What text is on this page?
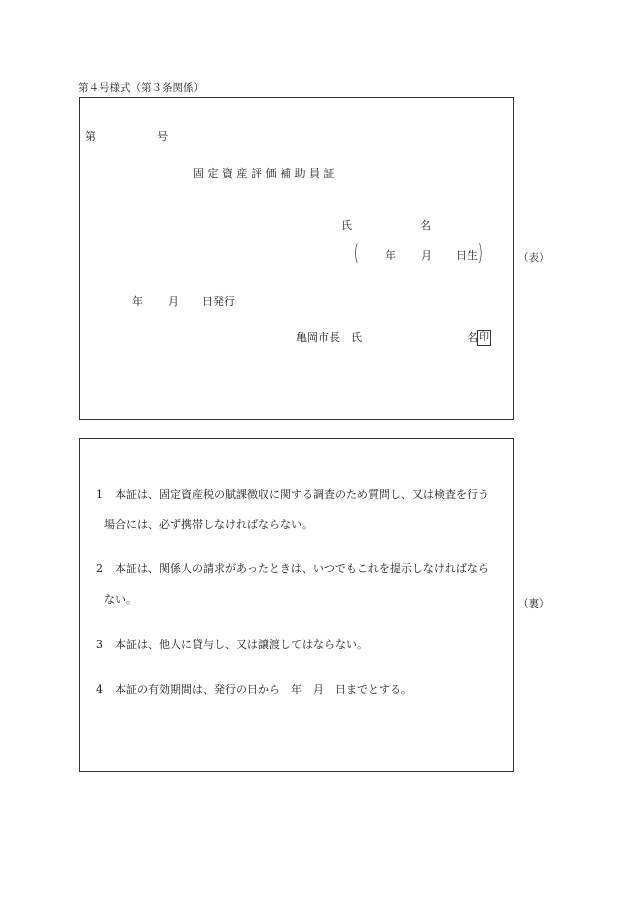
第４号様式（第３条関係）
第	号
固 定 資 産 評 価 補 助 員 証
氏	名
( 年 月 日生 )
年 月 日発行
亀岡市長　氏	名 印
（表）
1 本証は、固定資産税の賦課徴収に関する調査のため質問し、又は検査を行う
場合には、必ず携帯しなければならない。
2 本証は、関係人の請求があったときは、いつでもこれを提示しなければなら
ない。
3 本証は、他人に貸与し、又は譲渡してはならない。
4 本証の有効期間は、発行の日から　年　月　日までとする。
（裏）
